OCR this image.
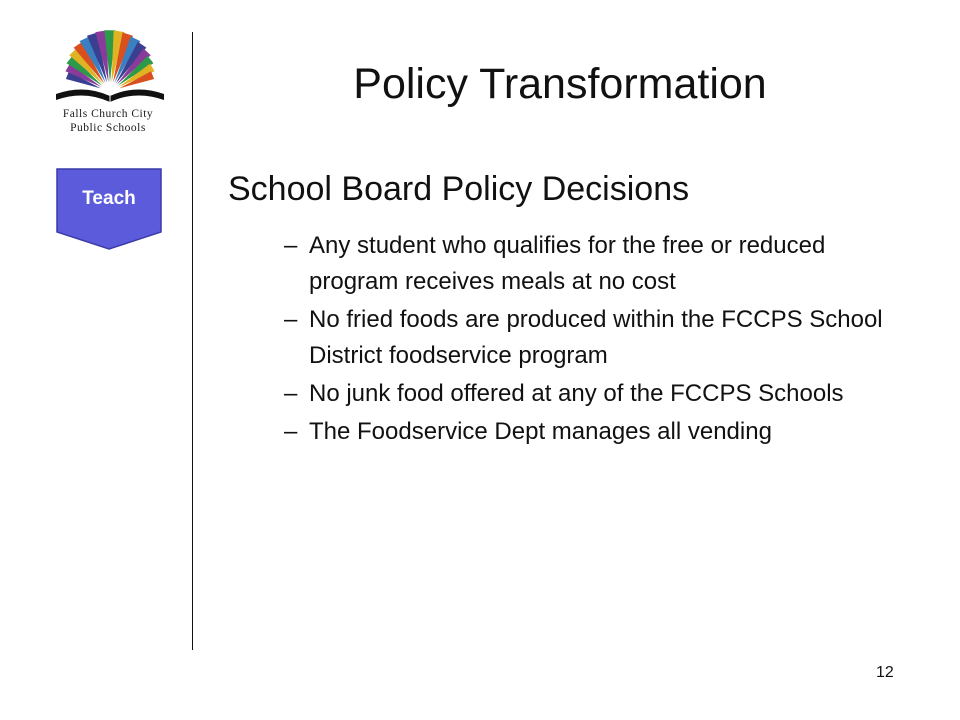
Falls Church City
Public Schools
Teach
Policy Transformation
School Board Policy Decisions
– Any student who qualifies for the free or reduced program receives meals at no cost
– No fried foods are produced within the FCCPS School District foodservice program
– No junk food offered at any of the FCCPS Schools
– The Foodservice Dept manages all vending
12
